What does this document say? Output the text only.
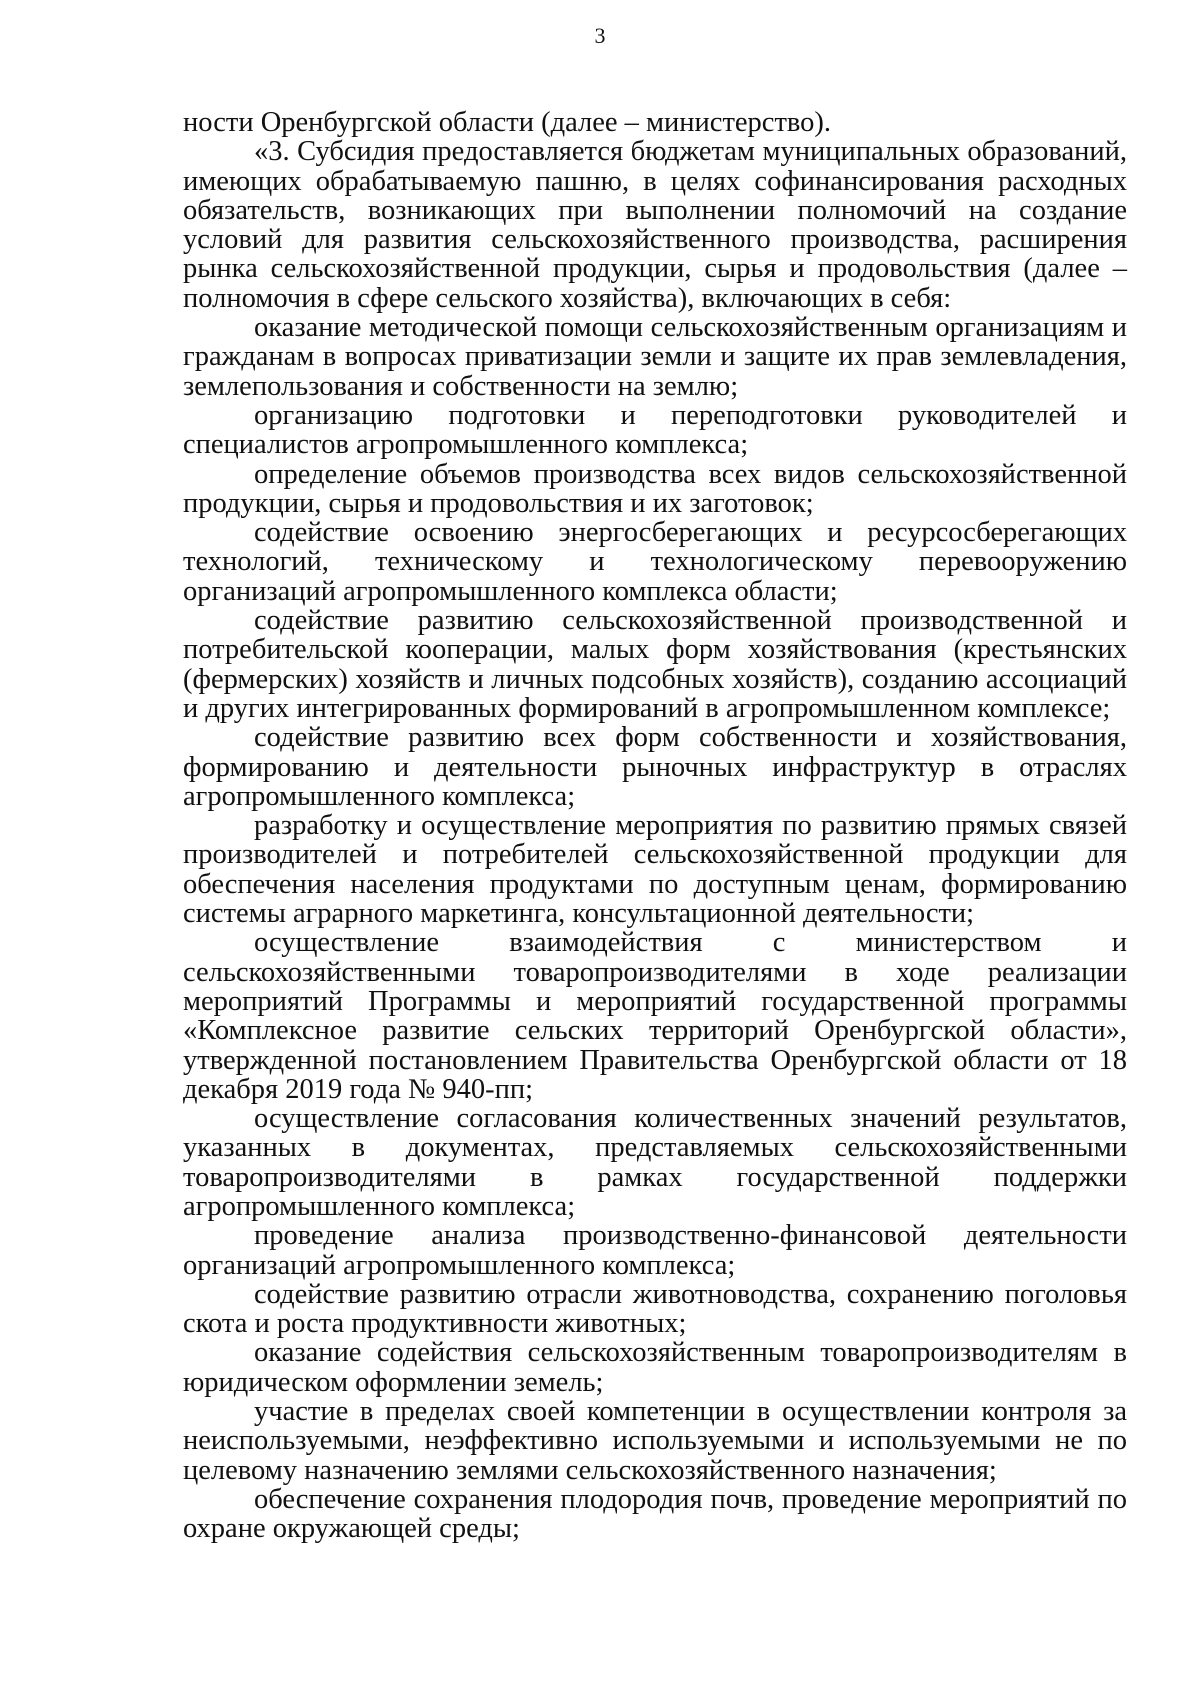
3

ности Оренбургской области (далее – министерство).

«3. Субсидия предоставляется бюджетам муниципальных образований, имеющих обрабатываемую пашню, в целях софинансирования расходных обязательств, возникающих при выполнении полномочий на создание условий для развития сельскохозяйственного производства, расширения рынка сельскохозяйственной продукции, сырья и продовольствия (далее – полномочия в сфере сельского хозяйства), включающих в себя:

оказание методической помощи сельскохозяйственным организациям и гражданам в вопросах приватизации земли и защите их прав землевладения, землепользования и собственности на землю;

организацию подготовки и переподготовки руководителей и специалистов агропромышленного комплекса;

определение объемов производства всех видов сельскохозяйственной продукции, сырья и продовольствия и их заготовок;

содействие освоению энергосберегающих и ресурсосберегающих технологий, техническому и технологическому перевооружению организаций агропромышленного комплекса области;

содействие развитию сельскохозяйственной производственной и потребительской кооперации, малых форм хозяйствования (крестьянских (фермерских) хозяйств и личных подсобных хозяйств), созданию ассоциаций и других интегрированных формирований в агропромышленном комплексе;

содействие развитию всех форм собственности и хозяйствования, формированию и деятельности рыночных инфраструктур в отраслях агропромышленного комплекса;

разработку и осуществление мероприятия по развитию прямых связей производителей и потребителей сельскохозяйственной продукции для обеспечения населения продуктами по доступным ценам, формированию системы аграрного маркетинга, консультационной деятельности;

осуществление взаимодействия с министерством и сельскохозяйственными товаропроизводителями в ходе реализации мероприятий Программы и мероприятий государственной программы «Комплексное развитие сельских территорий Оренбургской области», утвержденной постановлением Правительства Оренбургской области от 18 декабря 2019 года № 940-пп;

осуществление согласования количественных значений результатов, указанных в документах, представляемых сельскохозяйственными товаропроизводителями в рамках государственной поддержки агропромышленного комплекса;

проведение анализа производственно-финансовой деятельности организаций агропромышленного комплекса;

содействие развитию отрасли животноводства, сохранению поголовья скота и роста продуктивности животных;

оказание содействия сельскохозяйственным товаропроизводителям в юридическом оформлении земель;

участие в пределах своей компетенции в осуществлении контроля за неиспользуемыми, неэффективно используемыми и используемыми не по целевому назначению землями сельскохозяйственного назначения;

обеспечение сохранения плодородия почв, проведение мероприятий по охране окружающей среды;
